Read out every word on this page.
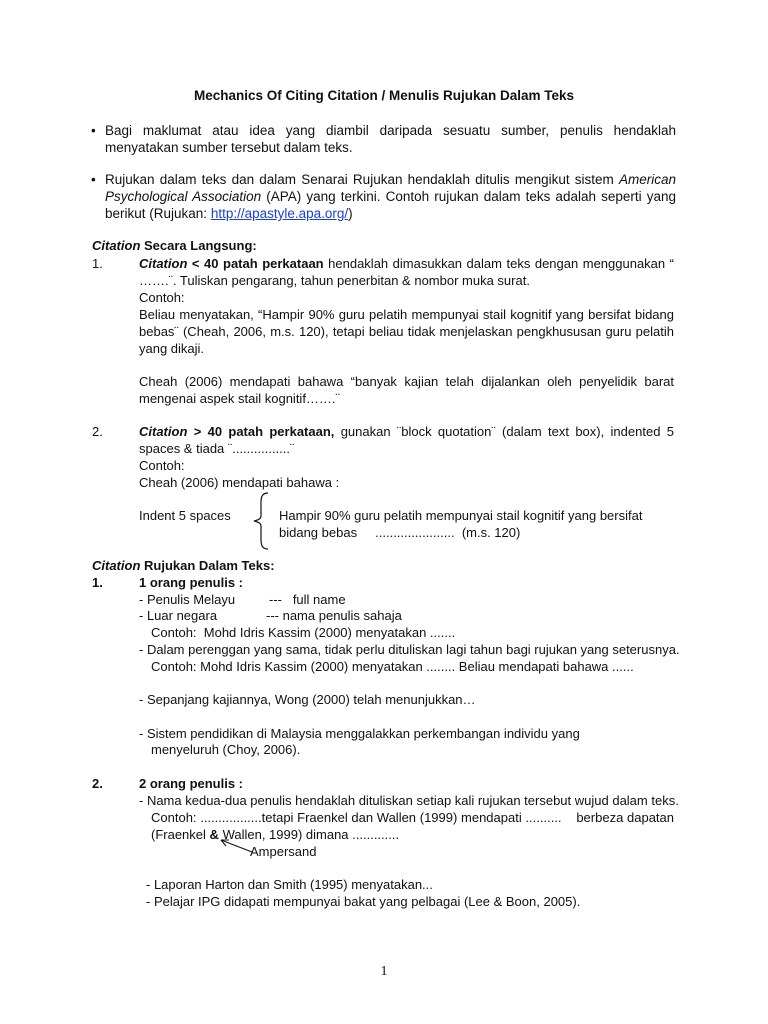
Mechanics Of Citing Citation / Menulis Rujukan Dalam Teks
• Bagi maklumat atau idea yang diambil daripada sesuatu sumber, penulis hendaklah menyatakan sumber tersebut dalam teks.
• Rujukan dalam teks dan dalam Senarai Rujukan hendaklah ditulis mengikut sistem American Psychological Association (APA) yang terkini. Contoh rujukan dalam teks adalah seperti yang berikut (Rujukan: http://apastyle.apa.org/)
Citation Secara Langsung:
1.	Citation < 40 patah perkataan hendaklah dimasukkan dalam teks dengan menggunakan “ …….¨. Tuliskan pengarang, tahun penerbitan & nombor muka surat.
Contoh:
Beliau menyatakan, “Hampir 90% guru pelatih mempunyai stail kognitif yang bersifat bidang bebas¨ (Cheah, 2006, m.s. 120), tetapi beliau tidak menjelaskan pengkhususan guru pelatih yang dikaji.
Cheah (2006) mendapati bahawa “banyak kajian telah dijalankan oleh penyelidik barat mengenai aspek stail kognitif…….¨
2.	Citation > 40 patah perkataan, gunakan ¨block quotation¨ (dalam text box), indented 5 spaces & tiada ¨................¨
Contoh:
Cheah (2006) mendapati bahawa :
Indent 5 spaces	Hampir 90% guru pelatih mempunyai stail kognitif yang bersifat
bidang bebas     ......................  (m.s. 120)
Citation Rujukan Dalam Teks:
1.	1 orang penulis :
- Penulis Melayu	---   full name
- Luar negara	--- nama penulis sahaja
Contoh:  Mohd Idris Kassim (2000) menyatakan .......
- Dalam perenggan yang sama, tidak perlu dituliskan lagi tahun bagi rujukan yang seterusnya.
Contoh: Mohd Idris Kassim (2000) menyatakan ........ Beliau mendapati bahawa ......
- Sepanjang kajiannya, Wong (2000) telah menunjukkan…
- Sistem pendidikan di Malaysia menggalakkan perkembangan individu yang
menyeluruh (Choy, 2006).
2.	2 orang penulis :
- Nama kedua-dua penulis hendaklah dituliskan setiap kali rujukan tersebut wujud dalam teks.
Contoh: .................tetapi Fraenkel dan Wallen (1999) mendapati ..........    berbeza dapatan
(Fraenkel & Wallen, 1999) dimana .............
Ampersand
- Laporan Harton dan Smith (1995) menyatakan...
- Pelajar IPG didapati mempunyai bakat yang pelbagai (Lee & Boon, 2005).
1
